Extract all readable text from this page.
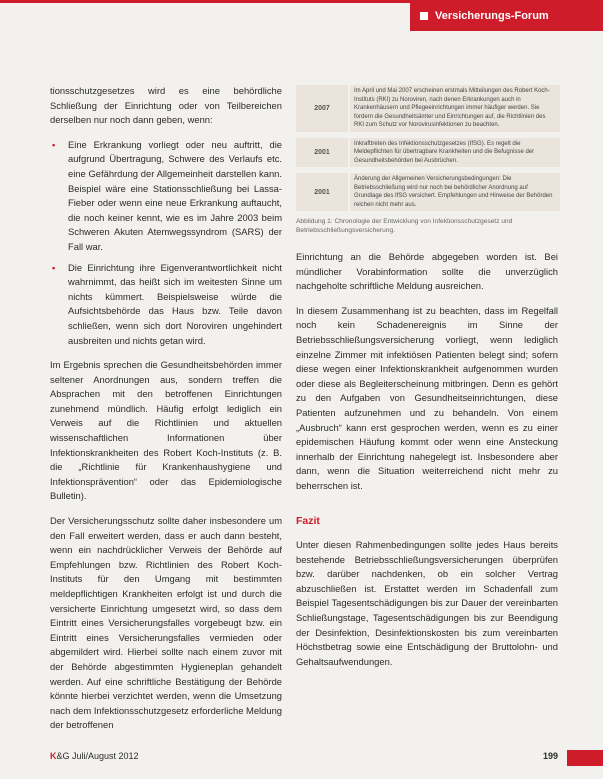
Versicherungs-Forum

tionsschutzgesetzes wird es eine behördliche Schließung der Einrichtung oder von Teilbereichen derselben nur noch dann geben, wenn:

• Eine Erkrankung vorliegt oder neu auftritt, die aufgrund Übertragung, Schwere des Verlaufs etc. eine Gefährdung der Allgemeinheit darstellen kann. Beispiel wäre eine Stationsschließung bei Lassa-Fieber oder wenn eine neue Erkrankung auftaucht, die noch keiner kennt, wie es im Jahre 2003 beim Schweren Akuten Atemwegssyndrom (SARS) der Fall war.
• Die Einrichtung ihre Eigenverantwortlichkeit nicht wahrnimmt, das heißt sich im weitesten Sinne um nichts kümmert. Beispielsweise würde die Aufsichtsbehörde das Haus bzw. Teile davon schließen, wenn sich dort Noroviren ungehindert ausbreiten und nichts getan wird.

Im Ergebnis sprechen die Gesundheitsbehörden immer seltener Anordnungen aus, sondern treffen die Absprachen mit den betroffenen Einrichtungen zunehmend mündlich. Häufig erfolgt lediglich ein Verweis auf die Richtlinien und aktuellen wissenschaftlichen Informationen über Infektionskrankheiten des Robert Koch-Instituts (z. B. die „Richtlinie für Krankenhaushygiene und Infektionsprävention“ oder das Epidemiologische Bulletin).

Der Versicherungsschutz sollte daher insbesondere um den Fall erweitert werden, dass er auch dann besteht, wenn ein nachdrücklicher Verweis der Behörde auf Empfehlungen bzw. Richtlinien des Robert Koch-Instituts für den Umgang mit bestimmten meldepflichtigen Krankheiten erfolgt ist und durch die versicherte Einrichtung umgesetzt wird, so dass dem Eintritt eines Versicherungsfalles vorgebeugt bzw. ein Eintritt eines Versicherungsfalles vermieden oder abgemildert wird. Hierbei sollte nach einem zuvor mit der Behörde abgestimmten Hygieneplan gehandelt werden. Auf eine schriftliche Bestätigung der Behörde könnte hierbei verzichtet werden, wenn die Umsetzung nach dem Infektionsschutzgesetz erforderliche Meldung der betroffenen

2007
Im April und Mai 2007 erscheinen erstmals Mitteilungen des Robert Koch-Instituts (RKI) zu Noroviren, nach denen Erkrankungen auch in Krankenhäusern und Pflegeeinrichtungen immer häufiger werden. Sie fordern die Gesundheitsämter und Einrichtungen auf, die Richtlinien des RKI zum Schutz vor Norovirusinfektionen zu beachten.
2001
Inkrafttreten des Infektionsschutzgesetzes (IfSG). Es regelt die Meldepflichten für übertragbare Krankheiten und die Befugnisse der Gesundheitsbehörden bei Ausbrüchen.
2001
Änderung der Allgemeinen Versicherungsbedingungen: Die Betriebsschließung wird nur noch bei behördlicher Anordnung auf Grundlage des IfSG versichert. Empfehlungen und Hinweise der Behörden reichen nicht mehr aus.
Abbildung 1: Chronologie der Entwicklung von Infektionsschutzgesetz und Betriebsschließungsversicherung.

Einrichtung an die Behörde abgegeben worden ist. Bei mündlicher Vorabinformation sollte die unverzüglich nachgeholte schriftliche Meldung ausreichen.

In diesem Zusammenhang ist zu beachten, dass im Regelfall noch kein Schadenereignis im Sinne der Betriebsschließungsversicherung vorliegt, wenn lediglich einzelne Zimmer mit infektiösen Patienten belegt sind; sofern diese wegen einer Infektionskrankheit aufgenommen wurden oder diese als Begleiterscheinung mitbringen. Denn es gehört zu den Aufgaben von Gesundheitseinrichtungen, diese Patienten aufzunehmen und zu behandeln. Von einem „Ausbruch“ kann erst gesprochen werden, wenn es zu einer epidemischen Häufung kommt oder wenn eine Ansteckung innerhalb der Einrichtung nahegelegt ist. Insbesondere aber dann, wenn die Situation weiterreichend nicht mehr zu beherrschen ist.

Fazit

Unter diesen Rahmenbedingungen sollte jedes Haus bereits bestehende Betriebsschließungsversicherungen überprüfen bzw. darüber nachdenken, ob ein solcher Vertrag abzuschließen ist. Erstattet werden im Schadenfall zum Beispiel Tagesentschädigungen bis zur Dauer der vereinbarten Schließungstage, Tagesentschädigungen bis zur Beendigung der Desinfektion, Desinfektionskosten bis zum vereinbarten Höchstbetrag sowie eine Entschädigung der Bruttolohn- und Gehaltsaufwendungen.

K&G Juli/August 2012	199
